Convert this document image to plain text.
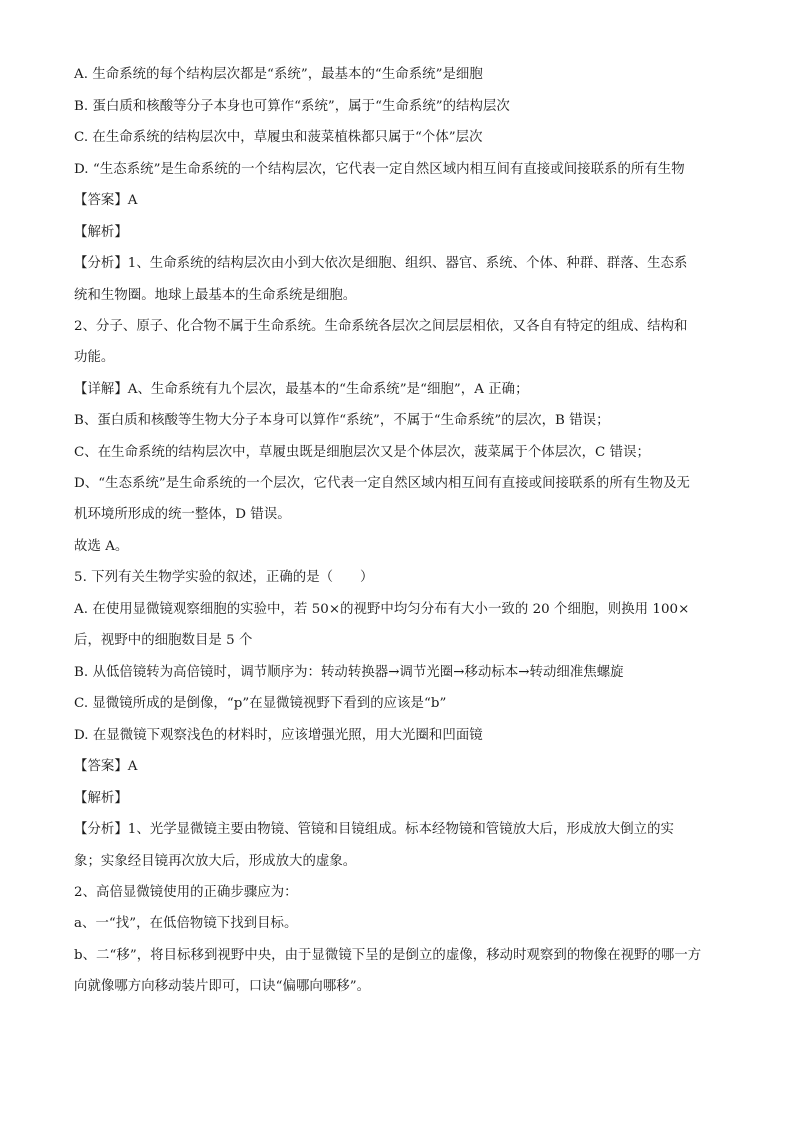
A. 生命系统的每个结构层次都是“系统”，最基本的“生命系统”是细胞
B. 蛋白质和核酸等分子本身也可算作“系统”，属于“生命系统”的结构层次
C. 在生命系统的结构层次中，草履虫和菠菜植株都只属于“个体”层次
D. “生态系统”是生命系统的一个结构层次，它代表一定自然区域内相互间有直接或间接联系的所有生物
【答案】A
【解析】
【分析】1、生命系统的结构层次由小到大依次是细胞、组织、器官、系统、个体、种群、群落、生态系
统和生物圈。地球上最基本的生命系统是细胞。
2、分子、原子、化合物不属于生命系统。生命系统各层次之间层层相依，又各自有特定的组成、结构和
功能。
【详解】A、生命系统有九个层次，最基本的“生命系统”是“细胞”，A 正确；
B、蛋白质和核酸等生物大分子本身可以算作“系统”，不属于“生命系统”的层次，B 错误；
C、在生命系统的结构层次中，草履虫既是细胞层次又是个体层次，菠菜属于个体层次，C 错误；
D、“生态系统”是生命系统的一个层次，它代表一定自然区域内相互间有直接或间接联系的所有生物及无
机环境所形成的统一整体，D 错误。
故选 A。
5. 下列有关生物学实验的叙述，正确的是（　　）
A. 在使用显微镜观察细胞的实验中，若 50×的视野中均匀分布有大小一致的 20 个细胞，则换用 100×
后，视野中的细胞数目是 5 个
B. 从低倍镜转为高倍镜时，调节顺序为：转动转换器→调节光圈→移动标本→转动细准焦螺旋
C. 显微镜所成的是倒像，“p”在显微镜视野下看到的应该是“b”
D. 在显微镜下观察浅色的材料时，应该增强光照，用大光圈和凹面镜
【答案】A
【解析】
【分析】1、光学显微镜主要由物镜、管镜和目镜组成。标本经物镜和管镜放大后，形成放大倒立的实
象；实象经目镜再次放大后，形成放大的虚象。
2、高倍显微镜使用的正确步骤应为：
a、一“找”，在低倍物镜下找到目标。
b、二“移”，将目标移到视野中央，由于显微镜下呈的是倒立的虚像，移动时观察到的物像在视野的哪一方
向就像哪方向移动装片即可，口诀“偏哪向哪移”。
